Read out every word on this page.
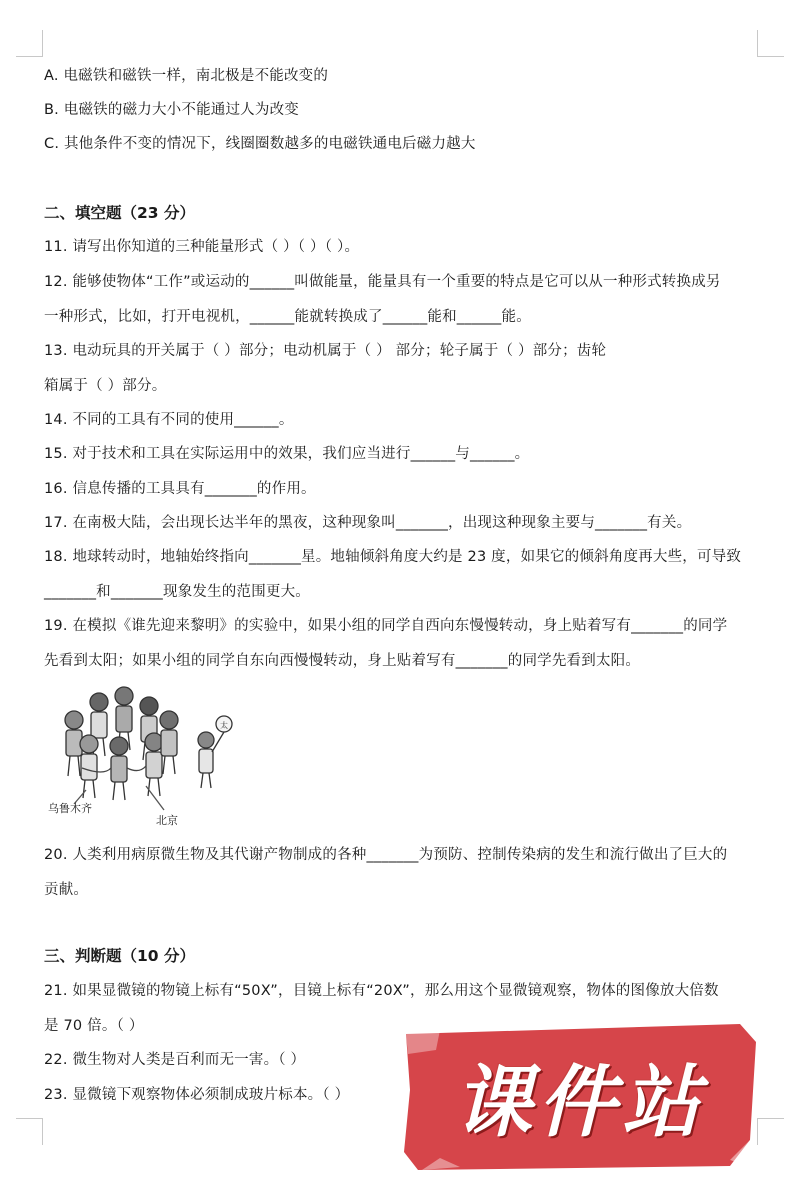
A. 电磁铁和磁铁一样，南北极是不能改变的
B. 电磁铁的磁力大小不能通过人为改变
C. 其他条件不变的情况下，线圈圈数越多的电磁铁通电后磁力越大
二、填空题（23 分）
11. 请写出你知道的三种能量形式（ ）（ ）（ ）。
12. 能够使物体“工作”或运动的______叫做能量，能量具有一个重要的特点是它可以从一种形式转换成另
一种形式，比如，打开电视机，______能就转换成了______能和______能。
13. 电动玩具的开关属于（ ）部分；电动机属于（ ） 部分；轮子属于（ ）部分；齿轮
箱属于（ ）部分。
14. 不同的工具有不同的使用______。
15. 对于技术和工具在实际运用中的效果，我们应当进行______与______。
16. 信息传播的工具具有_______的作用。
17. 在南极大陆，会出现长达半年的黑夜，这种现象叫_______，出现这种现象主要与_______有关。
18. 地球转动时，地轴始终指向_______星。地轴倾斜角度大约是 23 度，如果它的倾斜角度再大些，可导致
_______和_______现象发生的范围更大。
19. 在模拟《谁先迎来黎明》的实验中，如果小组的同学自西向东慢慢转动，身上贴着写有_______的同学
先看到太阳；如果小组的同学自东向西慢慢转动，身上贴着写有_______的同学先看到太阳。
太
乌鲁木齐
北京
20. 人类利用病原微生物及其代谢产物制成的各种_______为预防、控制传染病的发生和流行做出了巨大的
贡献。
三、判断题（10 分）
21. 如果显微镜的物镜上标有“50X”，目镜上标有“20X”，那么用这个显微镜观察，物体的图像放大倍数
是 70 倍。（ ）
22. 微生物对人类是百利而无一害。（ ）
23. 显微镜下观察物体必须制成玻片标本。（ ）	课件站
